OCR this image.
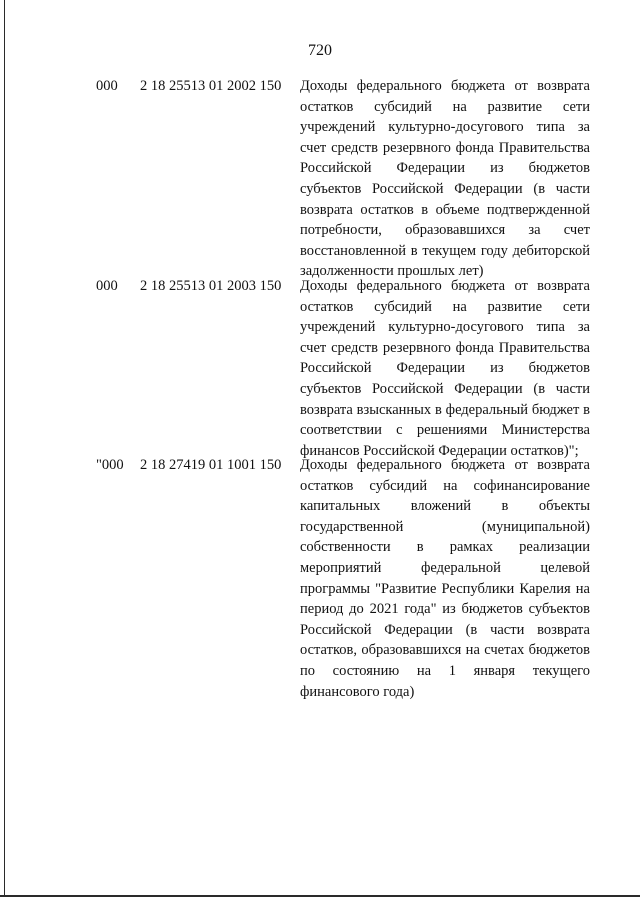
720
000 2 18 25513 01 2002 150 Доходы федерального бюджета от возврата остатков субсидий на развитие сети учреждений культурно-досугового типа за счет средств резервного фонда Правительства Российской Федерации из бюджетов субъектов Российской Федерации (в части возврата остатков в объеме подтвержденной потребности, образовавшихся за счет восстановленной в текущем году дебиторской задолженности прошлых лет)
000 2 18 25513 01 2003 150 Доходы федерального бюджета от возврата остатков субсидий на развитие сети учреждений культурно-досугового типа за счет средств резервного фонда Правительства Российской Федерации из бюджетов субъектов Российской Федерации (в части возврата взысканных в федеральный бюджет в соответствии с решениями Министерства финансов Российской Федерации остатков)";
"000 2 18 27419 01 1001 150 Доходы федерального бюджета от возврата остатков субсидий на софинансирование капитальных вложений в объекты государственной (муниципальной) собственности в рамках реализации мероприятий федеральной целевой программы "Развитие Республики Карелия на период до 2021 года" из бюджетов субъектов Российской Федерации (в части возврата остатков, образовавшихся на счетах бюджетов по состоянию на 1 января текущего финансового года)
